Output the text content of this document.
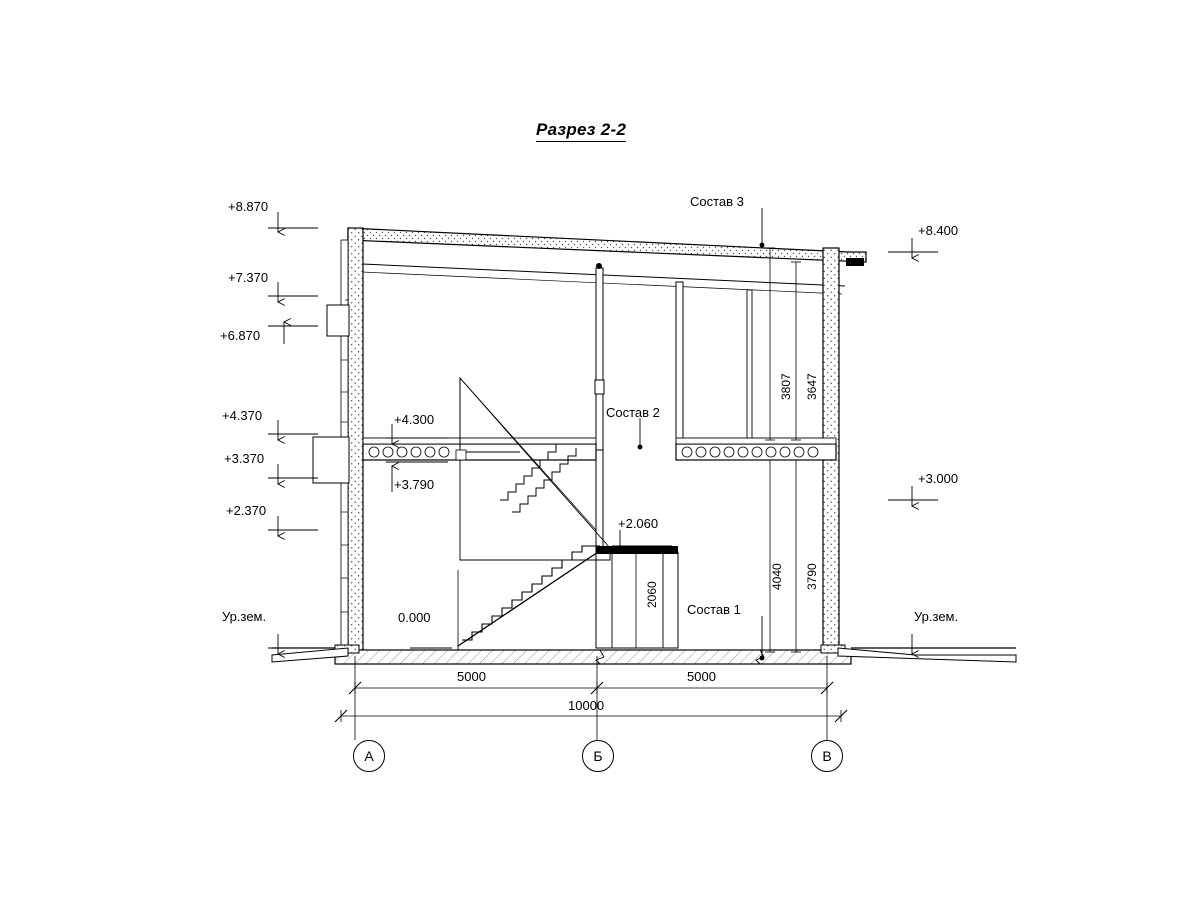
Разрез 2-2
+8.870
+7.370
+6.870
+4.370
+3.370
+2.370
0.000
+8.400
+3.000
+4.300
+3.790
+2.060
Ур.зем.	Ур.зем.
Состав 3
Состав 2
Состав 1
3807 3647
4040 3790
2060
5000	5000
10000
А	Б	В
